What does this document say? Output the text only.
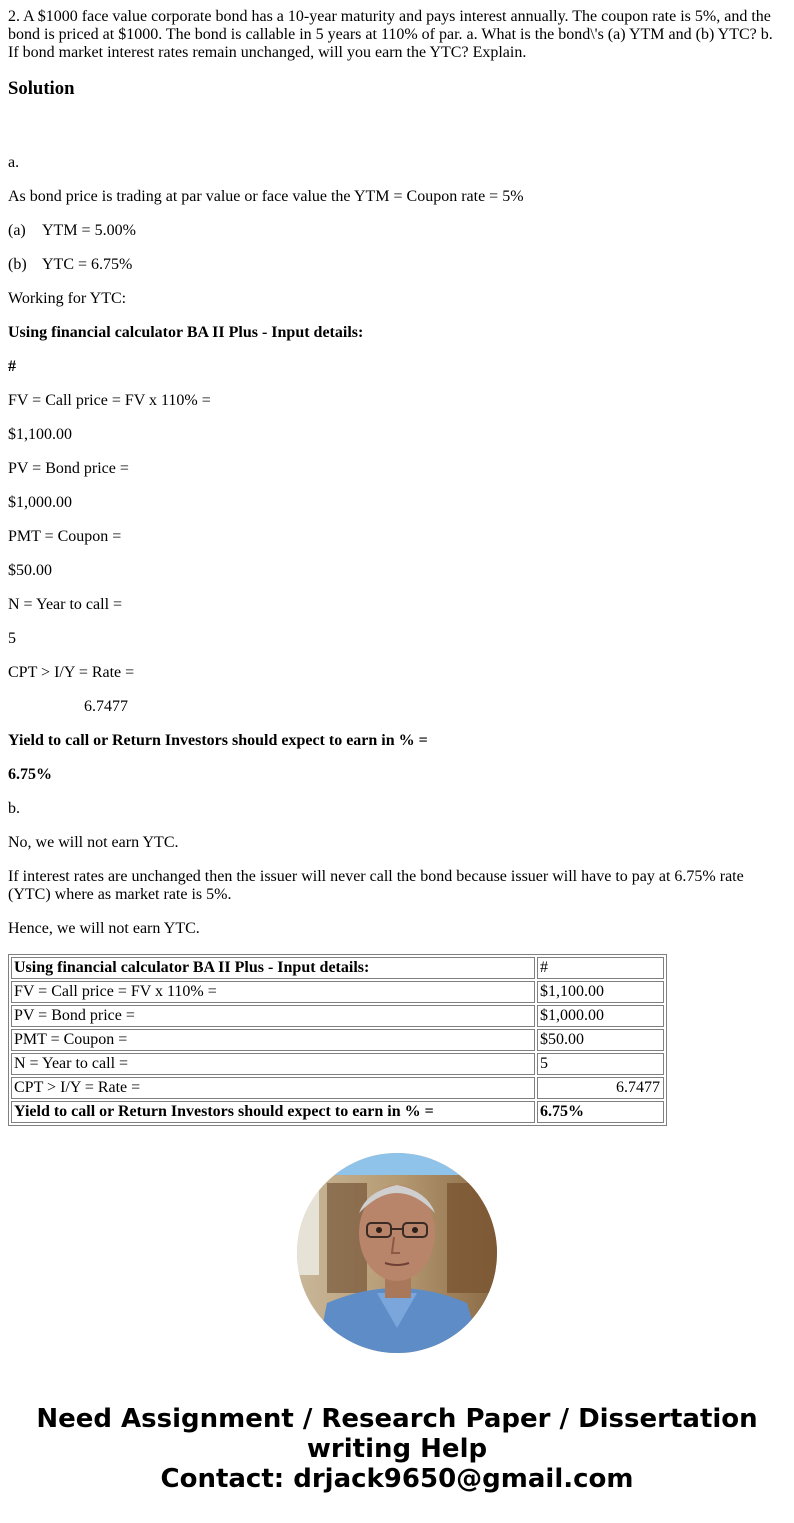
2. A $1000 face value corporate bond has a 10-year maturity and pays interest annually. The coupon rate is 5%, and the bond is priced at $1000. The bond is callable in 5 years at 110% of par. a. What is the bond\'s (a) YTM and (b) YTC? b. If bond market interest rates remain unchanged, will you earn the YTC? Explain.

Solution

a.

As bond price is trading at par value or face value the YTM = Coupon rate = 5%

(a) YTM = 5.00%

(b) YTC = 6.75%

Working for YTC:

Using financial calculator BA II Plus - Input details:

#

FV = Call price = FV x 110% =

$1,100.00

PV = Bond price =

$1,000.00

PMT = Coupon =

$50.00

N = Year to call =

5

CPT > I/Y = Rate =

6.7477

Yield to call or Return Investors should expect to earn in % =

6.75%

b.

No, we will not earn YTC.

If interest rates are unchanged then the issuer will never call the bond because issuer will have to pay at 6.75% rate (YTC) where as market rate is 5%.

Hence, we will not earn YTC.

Using financial calculator BA II Plus - Input details:	#
FV = Call price = FV x 110% =	$1,100.00
PV = Bond price =	$1,000.00
PMT = Coupon =	$50.00
N = Year to call =	5
CPT > I/Y = Rate =	6.7477
Yield to call or Return Investors should expect to earn in % =	6.75%
Need Assignment / Research Paper / Dissertation
writing Help
Contact: drjack9650@gmail.com
